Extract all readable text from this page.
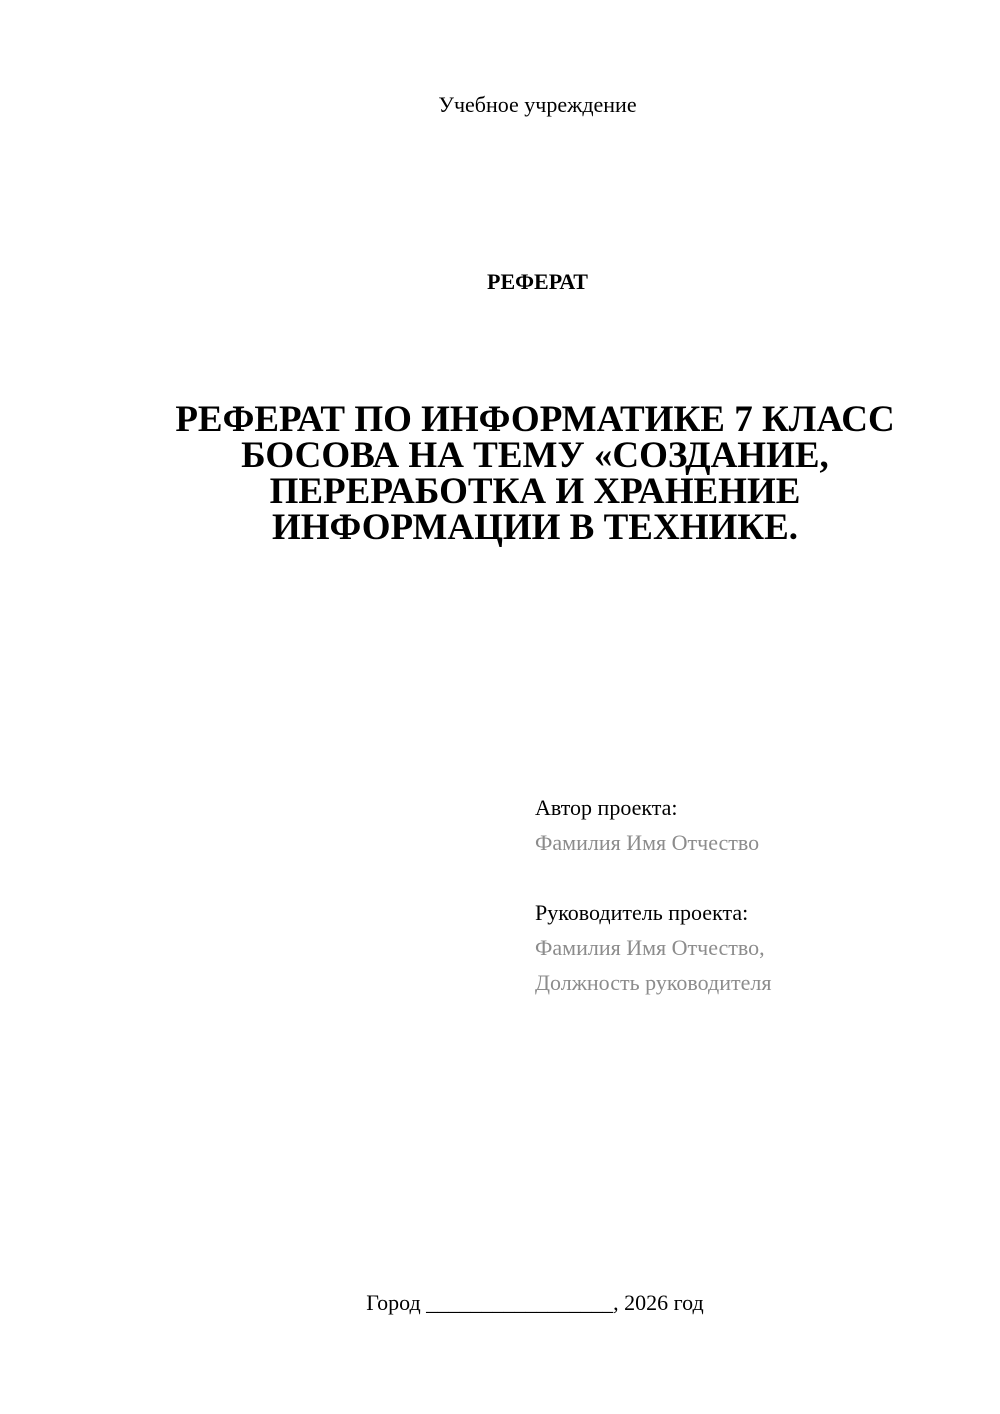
Учебное учреждение
РЕФЕРАТ
РЕФЕРАТ ПО ИНФОРМАТИКЕ 7 КЛАСС БОСОВА НА ТЕМУ «СОЗДАНИЕ, ПЕРЕРАБОТКА И ХРАНЕНИЕ ИНФОРМАЦИИ В ТЕХНИКЕ.
Автор проекта:
Фамилия Имя Отчество
Руководитель проекта:
Фамилия Имя Отчество,
Должность руководителя
Город _________________, 2026 год
